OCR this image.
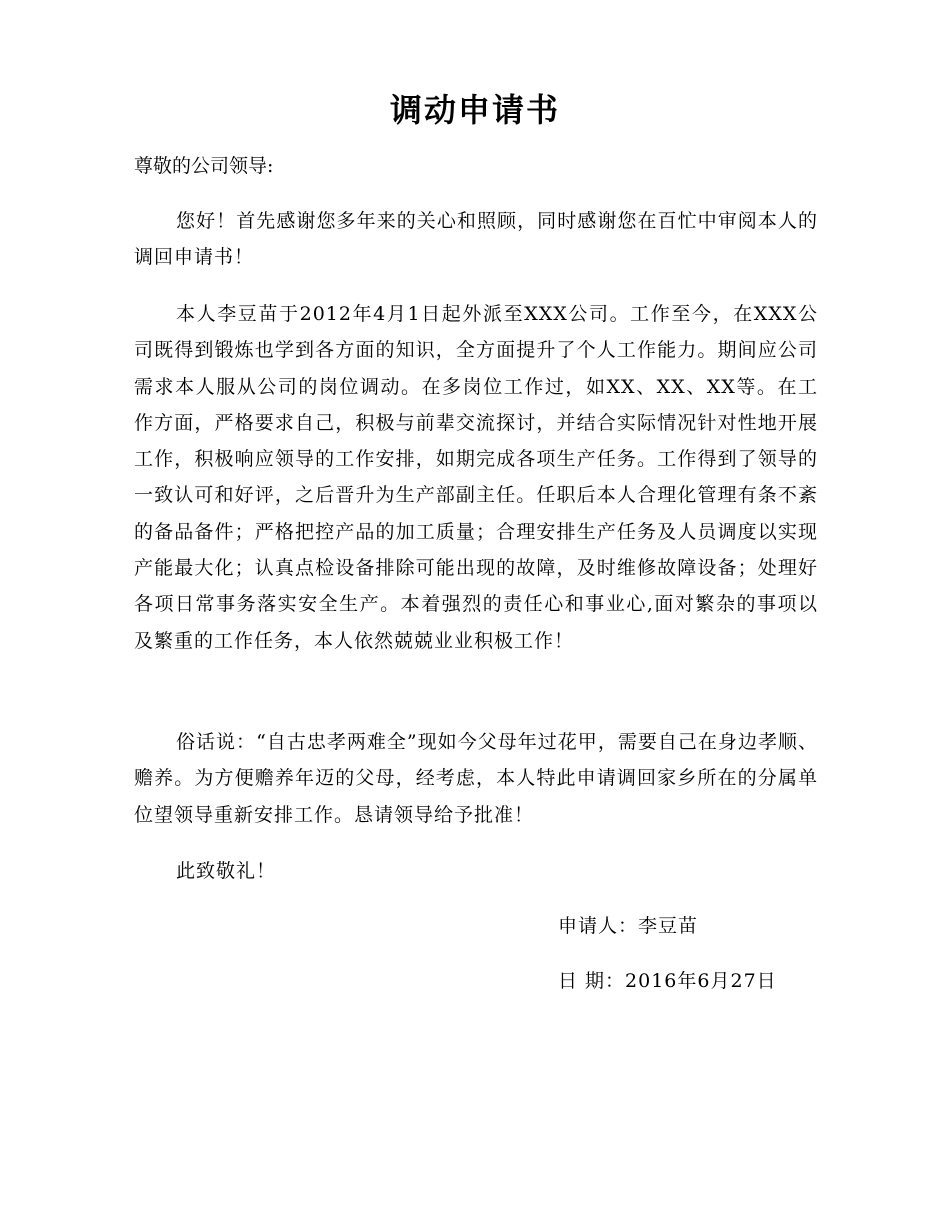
调动申请书
尊敬的公司领导:

您好！首先感谢您多年来的关心和照顾，同时感谢您在百忙中审阅本人的调回申请书！

本人李豆苗于2012年4月1日起外派至XXX公司。工作至今，在XXX公司既得到锻炼也学到各方面的知识，全方面提升了个人工作能力。期间应公司需求本人服从公司的岗位调动。在多岗位工作过，如XX、XX、XX等。在工作方面，严格要求自己，积极与前辈交流探讨，并结合实际情况针对性地开展工作，积极响应领导的工作安排，如期完成各项生产任务。工作得到了领导的一致认可和好评，之后晋升为生产部副主任。任职后本人合理化管理有条不紊的备品备件；严格把控产品的加工质量；合理安排生产任务及人员调度以实现产能最大化；认真点检设备排除可能出现的故障，及时维修故障设备；处理好各项日常事务落实安全生产。本着强烈的责任心和事业心,面对繁杂的事项以及繁重的工作任务，本人依然兢兢业业积极工作！

俗话说：“自古忠孝两难全”现如今父母年过花甲，需要自己在身边孝顺、赡养。为方便赡养年迈的父母，经考虑，本人特此申请调回家乡所在的分属单位望领导重新安排工作。恳请领导给予批准！

此致敬礼！
申请人：李豆苗
日 期：2016年6月27日
